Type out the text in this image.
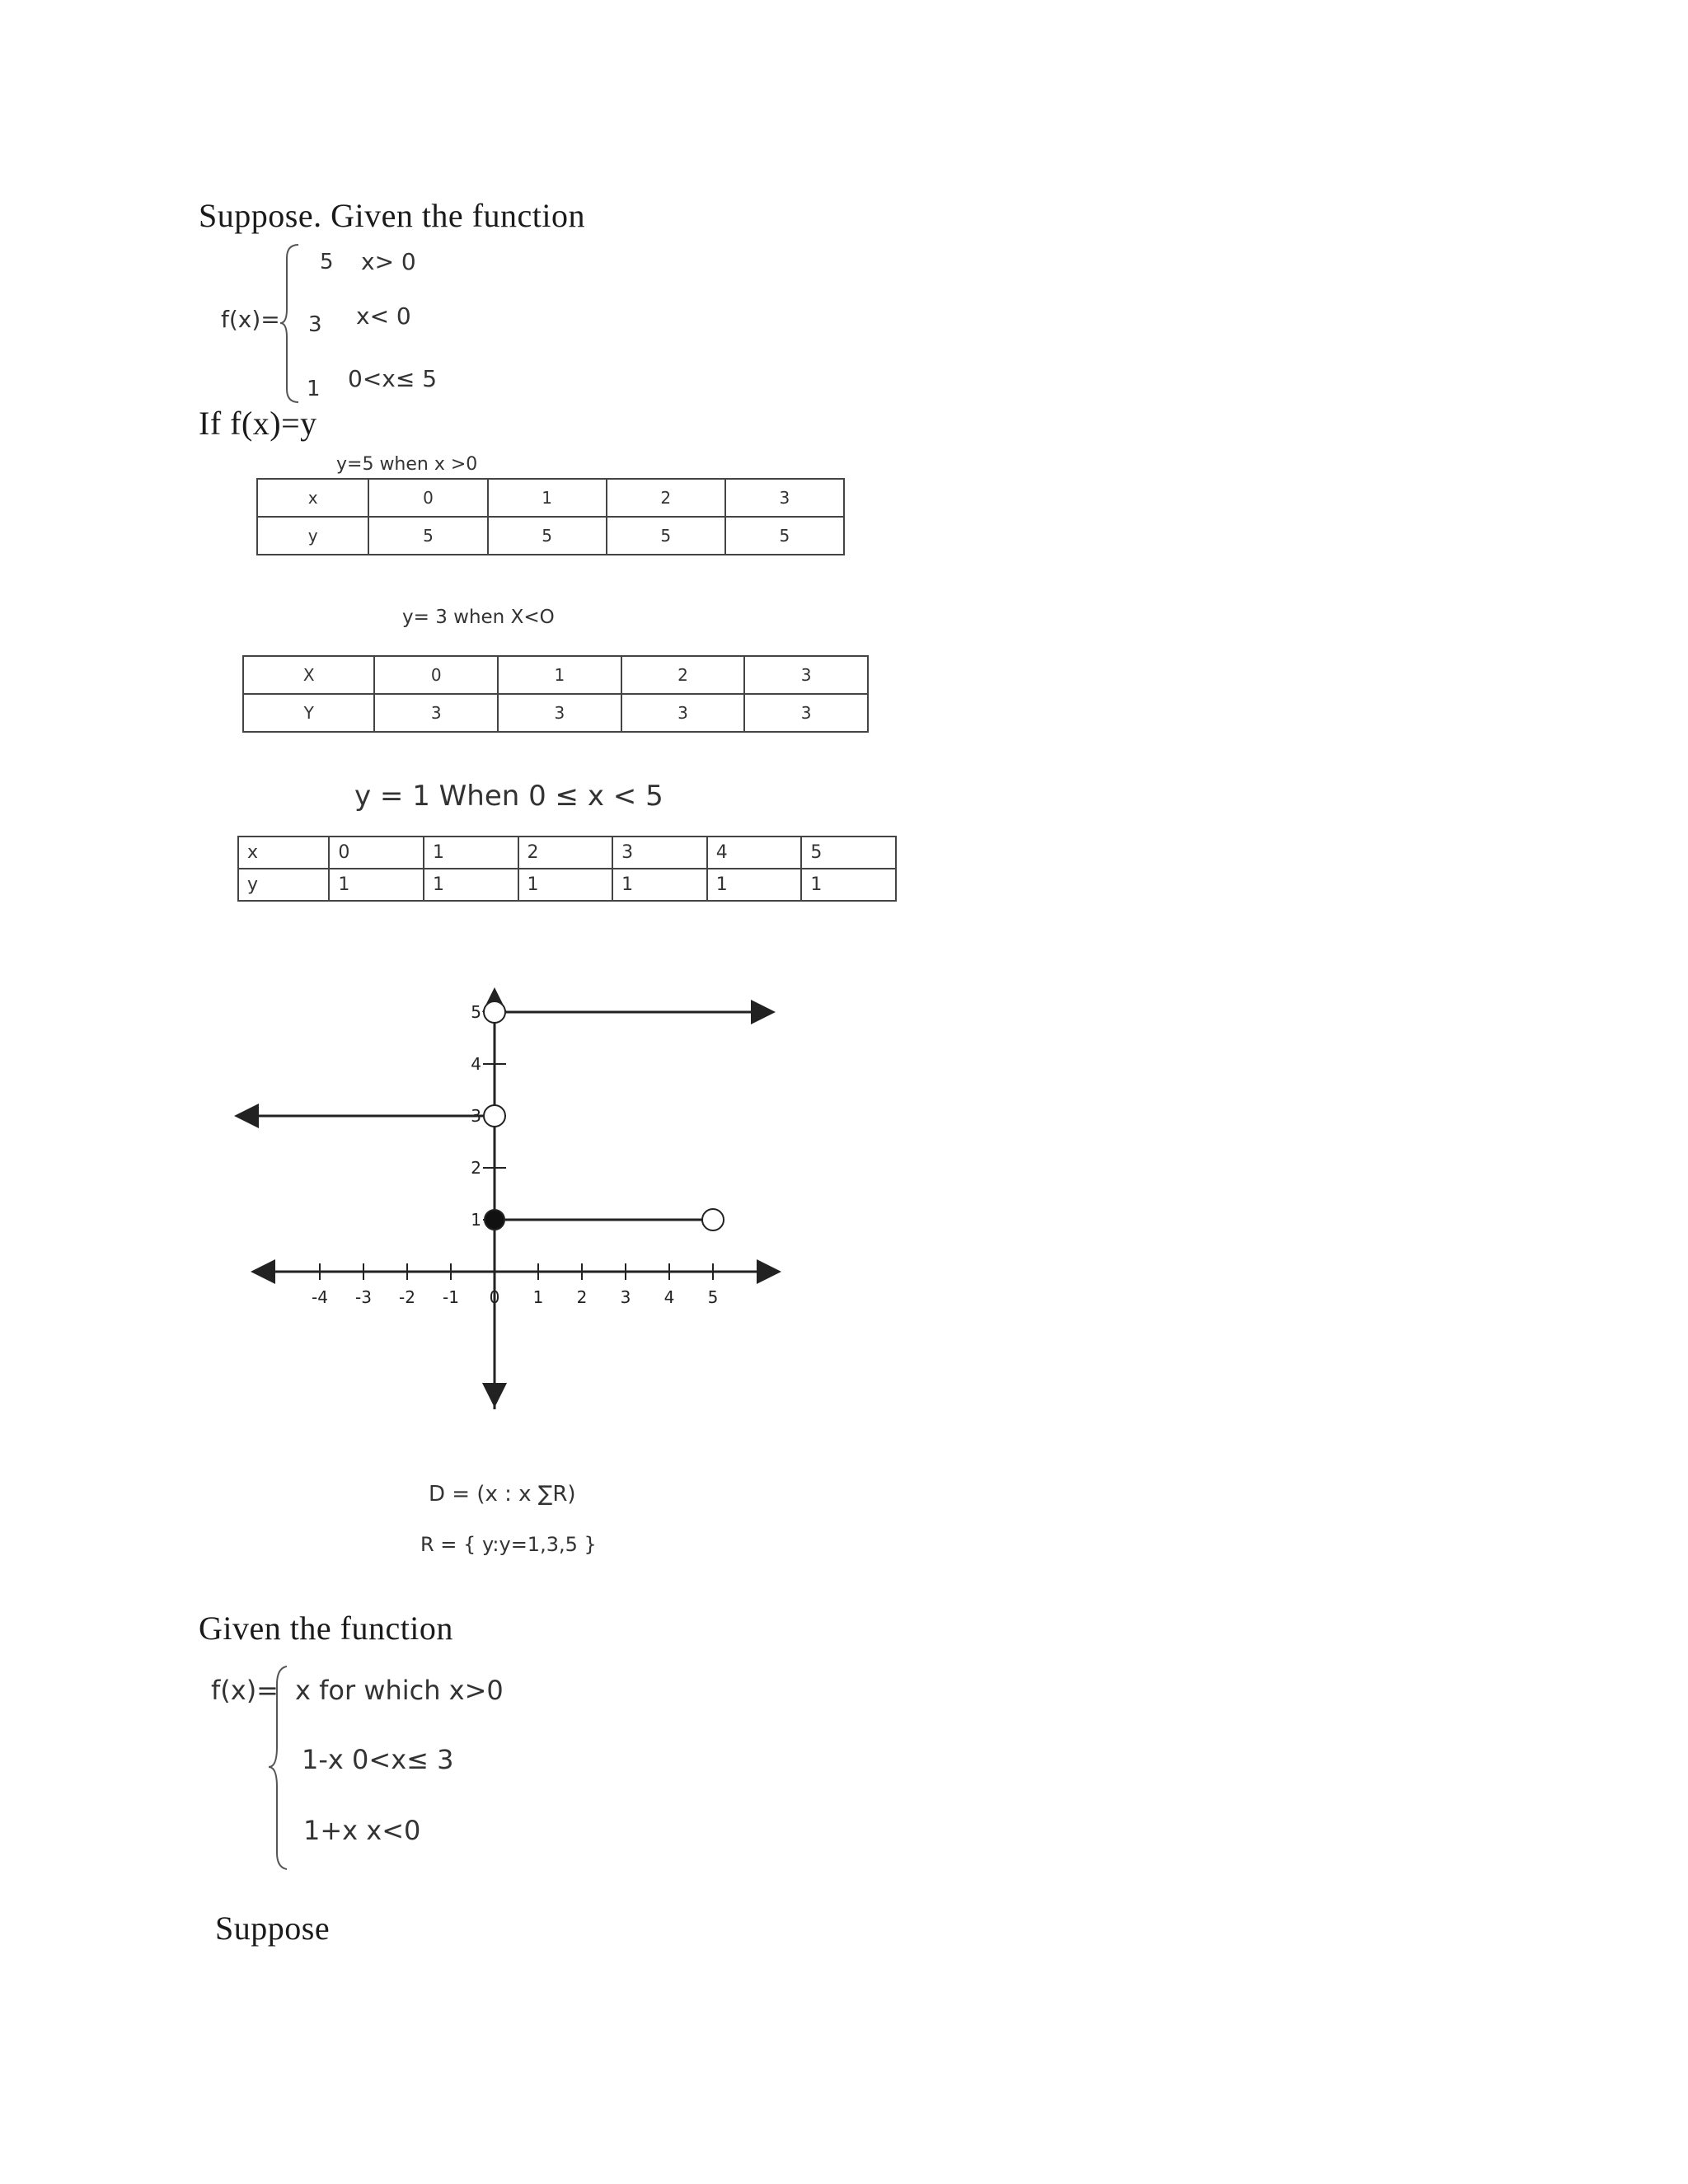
Suppose. Given the function
f(x)=
5 x> 0
3 x< 0
1 0<x≤ 5
If f(x)=y
y=5 when x >0
x	0	1	2	3
y	5	5	5	5
y= 3 when X<O
X	0	1	2	3
Y	3	3	3	3
y = 1 When 0 ≤ x < 5
x	0	1	2	3	4	5
y	1	1	1	1	1	1
-4 -3 -2 -1 0 1 2 3 4 5
1
2
3
4
5
D = (x : x ∑R)
R = { y:y=1,3,5 }
Given the function
f(x)= x for which x>0
1-x 0<x≤ 3
1+x x<0
Suppose
